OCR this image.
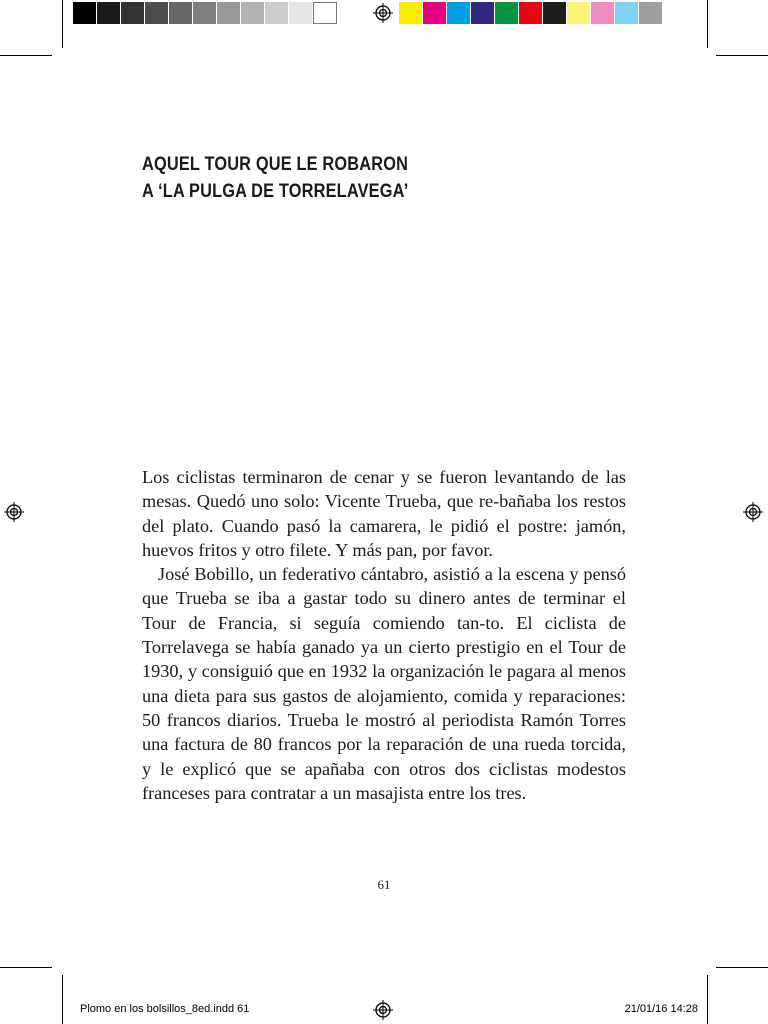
AQUEL TOUR QUE LE ROBARON
A ‘LA PULGA DE TORRELAVEGA’

Los ciclistas terminaron de cenar y se fueron levantando de las mesas. Quedó uno solo: Vicente Trueba, que re-bañaba los restos del plato. Cuando pasó la camarera, le pidió el postre: jamón, huevos fritos y otro filete. Y más pan, por favor.

José Bobillo, un federativo cántabro, asistió a la escena y pensó que Trueba se iba a gastar todo su dinero antes de terminar el Tour de Francia, si seguía comiendo tan-to. El ciclista de Torrelavega se había ganado ya un cierto prestigio en el Tour de 1930, y consiguió que en 1932 la organización le pagara al menos una dieta para sus gastos de alojamiento, comida y reparaciones: 50 francos diarios. Trueba le mostró al periodista Ramón Torres una factura de 80 francos por la reparación de una rueda torcida, y le explicó que se apañaba con otros dos ciclistas modestos franceses para contratar a un masajista entre los tres.

61
Plomo en los bolsillos_8ed.indd 61	21/01/16 14:28
